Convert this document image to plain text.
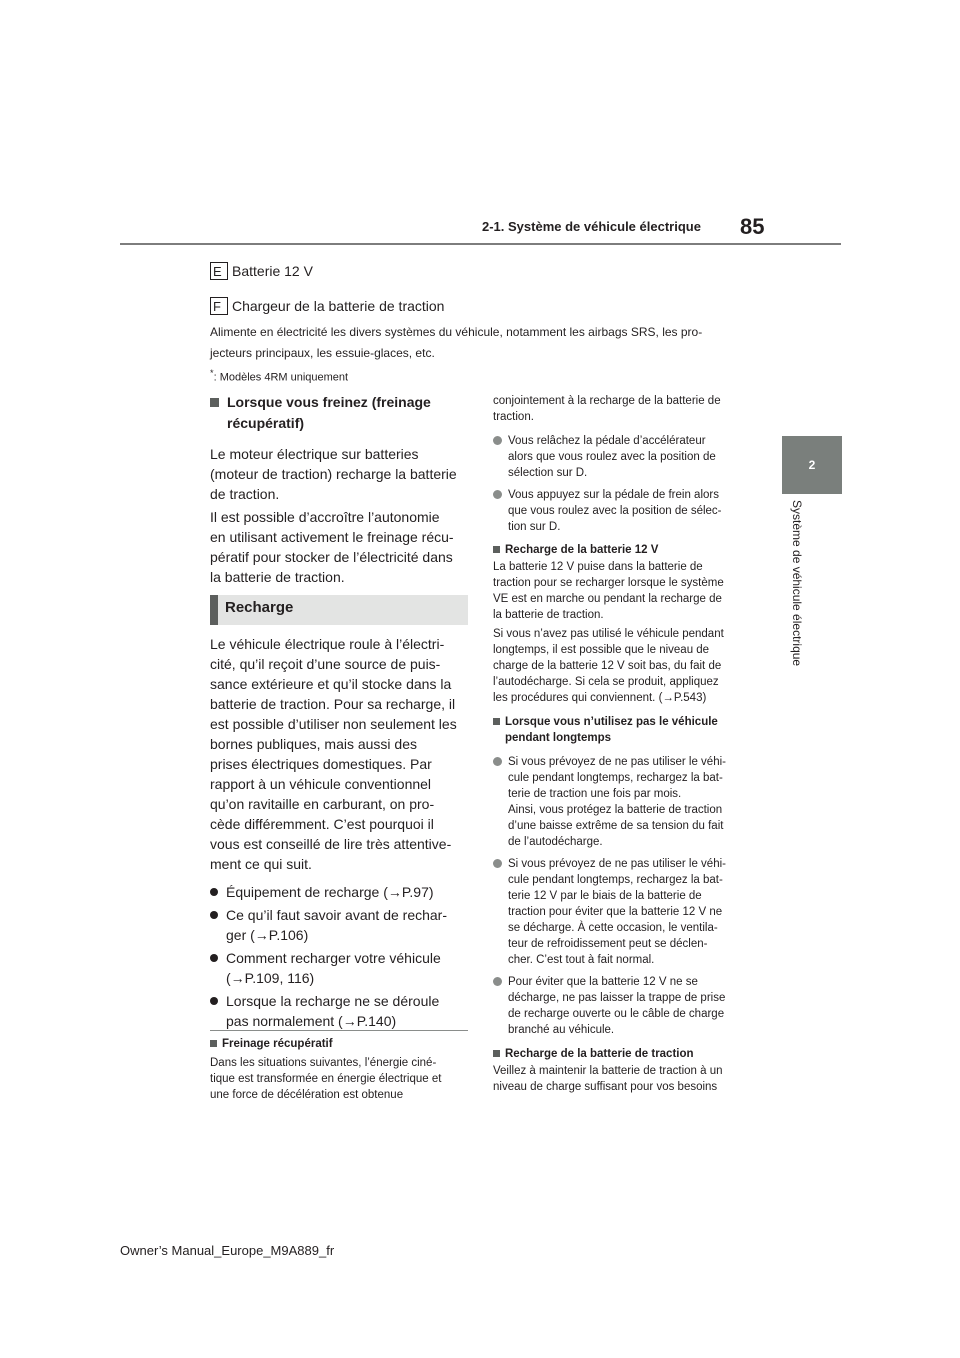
85
2-1. Système de véhicule électrique
2
Système de véhicule électrique
E Batterie 12 V
F Chargeur de la batterie de traction
Alimente en électricité les divers systèmes du véhicule, notamment les airbags SRS, les pro-
jecteurs principaux, les essuie-glaces, etc.
*: Modèles 4RM uniquement
Lorsque vous freinez (freinage
récupératif)

Le moteur électrique sur batteries
(moteur de traction) recharge la batterie
de traction.

Il est possible d’accroître l’autonomie
en utilisant activement le freinage récu-
pératif pour stocker de l’électricité dans
la batterie de traction.

Recharge

Le véhicule électrique roule à l’électri-
cité, qu’il reçoit d’une source de puis-
sance extérieure et qu’il stocke dans la
batterie de traction. Pour sa recharge, il
est possible d’utiliser non seulement les
bornes publiques, mais aussi des
prises électriques domestiques. Par
rapport à un véhicule conventionnel
qu’on ravitaille en carburant, on pro-
cède différemment. C’est pourquoi il
vous est conseillé de lire très attentive-
ment ce qui suit.

Équipement de recharge (→P.97)
Ce qu’il faut savoir avant de rechar-
ger (→P.106)
Comment recharger votre véhicule
(→P.109, 116)
Lorsque la recharge ne se déroule
pas normalement (→P.140)
Freinage récupératif

Dans les situations suivantes, l’énergie ciné-
tique est transformée en énergie électrique et
une force de décélération est obtenue

conjointement à la recharge de la batterie de
traction.

Vous relâchez la pédale d’accélérateur
alors que vous roulez avec la position de
sélection sur D.
Vous appuyez sur la pédale de frein alors
que vous roulez avec la position de sélec-
tion sur D.
Recharge de la batterie 12 V

La batterie 12 V puise dans la batterie de
traction pour se recharger lorsque le système
VE est en marche ou pendant la recharge de
la batterie de traction.

Si vous n’avez pas utilisé le véhicule pendant
longtemps, il est possible que le niveau de
charge de la batterie 12 V soit bas, du fait de
l’autodécharge. Si cela se produit, appliquez
les procédures qui conviennent. (→P.543)

Lorsque vous n’utilisez pas le véhicule
pendant longtemps
Si vous prévoyez de ne pas utiliser le véhi-
cule pendant longtemps, rechargez la bat-
terie de traction une fois par mois.
Ainsi, vous protégez la batterie de traction
d’une baisse extrême de sa tension du fait
de l’autodécharge.
Si vous prévoyez de ne pas utiliser le véhi-
cule pendant longtemps, rechargez la bat-
terie 12 V par le biais de la batterie de
traction pour éviter que la batterie 12 V ne
se décharge. À cette occasion, le ventila-
teur de refroidissement peut se déclen-
cher. C’est tout à fait normal.
Pour éviter que la batterie 12 V ne se
décharge, ne pas laisser la trappe de prise
de recharge ouverte ou le câble de charge
branché au véhicule.
Recharge de la batterie de traction

Veillez à maintenir la batterie de traction à un
niveau de charge suffisant pour vos besoins

Owner’s Manual_Europe_M9A889_fr
